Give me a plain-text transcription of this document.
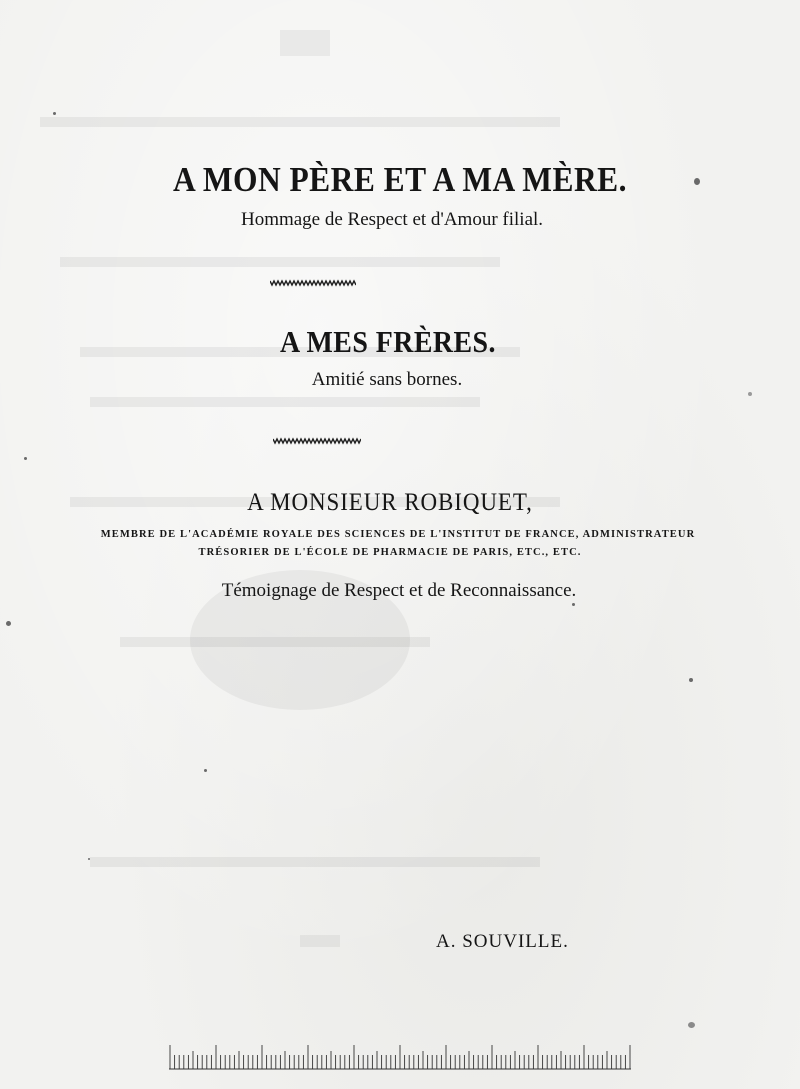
A MON PÈRE ET A MA MÈRE.
Hommage de Respect et d'Amour filial.
A MES FRÈRES.
Amitié sans bornes.
A MONSIEUR ROBIQUET,
MEMBRE DE L'ACADÉMIE ROYALE DES SCIENCES DE L'INSTITUT DE FRANCE, ADMINISTRATEUR
TRÉSORIER DE L'ÉCOLE DE PHARMACIE DE PARIS, ETC., ETC.
Témoignage de Respect et de Reconnaissance.
A. SOUVILLE.
